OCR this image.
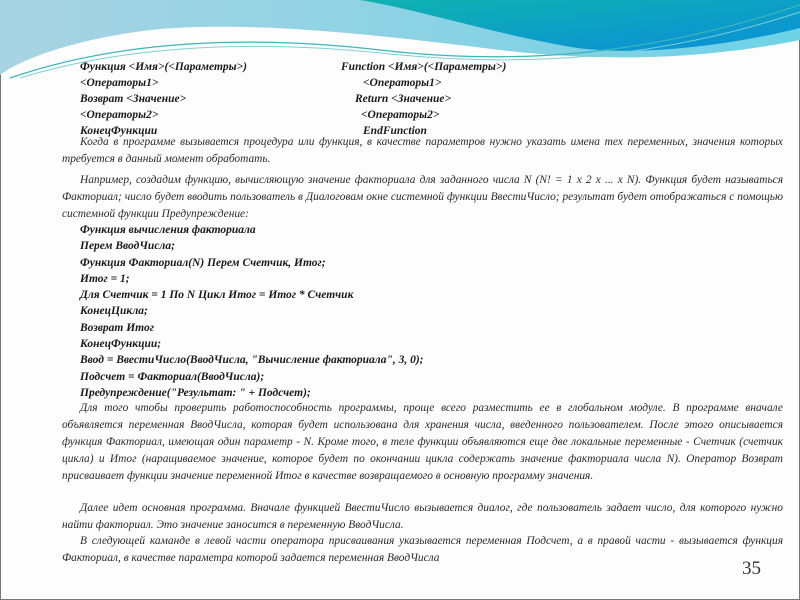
Функция <Имя>(<Параметры>)
<Операторы1>
Возврат <Значение>
<Операторы2>
КонецФункции
Function <Имя>(<Параметры>)
<Операторы1>
Return <Значение>
<Операторы2>
EndFunction

Когда в программе вызывается процедура или функция, в качестве параметров нужно указать имена тех переменных, значения которых требуется в данный момент обработать.

Например, создадим функцию, вычисляющую значение факториала для заданного числа N (N! = 1 x 2 x ... x N). Функция будет называться Факториал; число будет вводить пользователь в Диалоговам окне системной функции ВвестиЧисло; результат будет отображаться с помощью системной функции Предупреждение:

Функция вычисления факториала
Перем ВводЧисла;
Функция Факториал(N) Перем Счетчик, Итог;
Итог = 1;
Для Счетчик = 1 По N Цикл Итог = Итог * Счетчик
КонецЦикла;
Возврат Итог
КонецФункции;
Ввод = ВвестиЧисло(ВводЧисла, "Вычисление факториала", 3, 0);
Подсчет = Факториал(ВводЧисла);
Предупреждение("Результат: " + Подсчет);

Для того чтобы проверить работоспособность программы, проще всего разместить ее в глобальном модуле. В программе вначале объявляется переменная ВводЧисла, которая будет использована для хранения числа, введенного пользователем. После этого описывается функция Факториал, имеющая один параметр - N. Кроме того, в теле функции объявляются еще две локальные переменные - Счетчик (счетчик цикла) и Итог (наращиваемое значение, которое будет по окончании цикла содержать значение факториала числа N). Оператор Возврат присваивает функции значение переменной Итог в качестве возвращаемого в основную программу значения.

Далее идет основная программа. Вначале функцией ВвестиЧисло вызывается диалог, где пользователь задает число, для которого нужно найти факториал. Это значение заносится в переменную ВводЧисла.

В следующей каманде в левой части оператора присваивания указывается переменная Подсчет, а в правой части - вызывается функция Факториал, в качестве параметра которой задается переменная ВводЧисла	35
